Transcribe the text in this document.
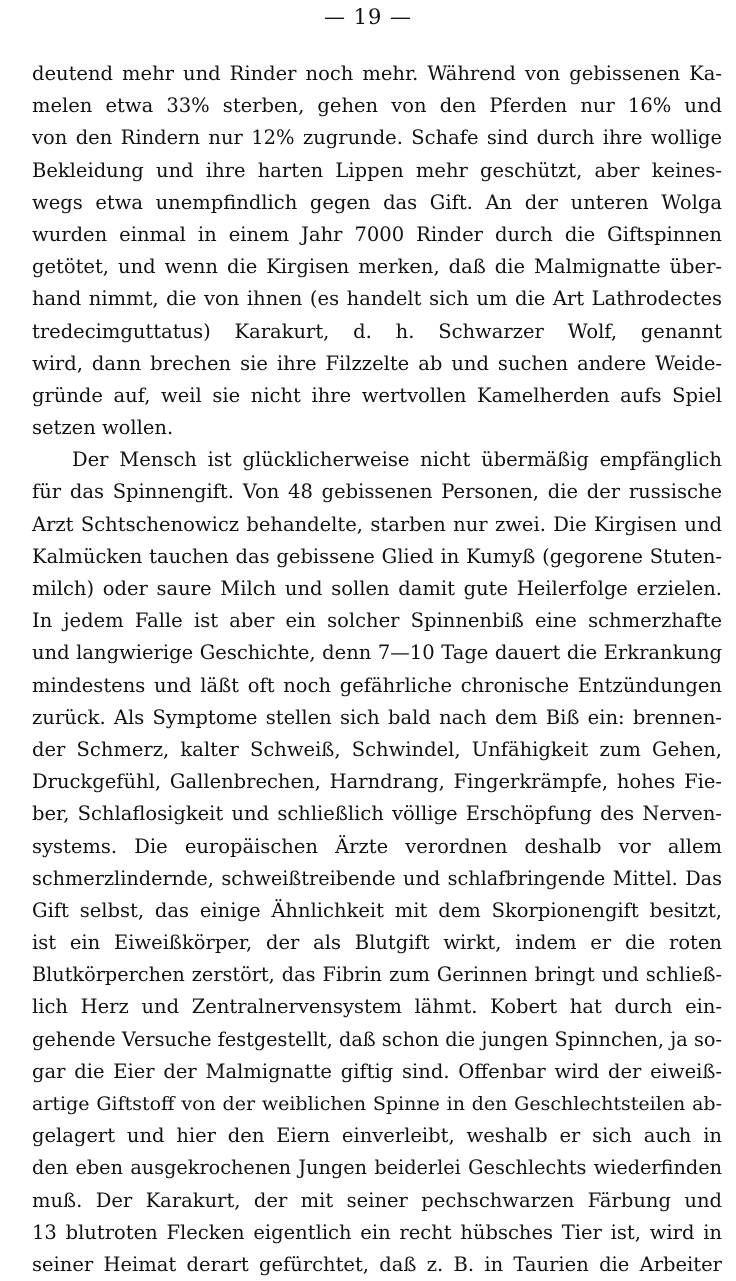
— 19 —
deutend mehr und Rinder noch mehr. Während von gebissenen Ka-
melen etwa 33% sterben, gehen von den Pferden nur 16% und
von den Rindern nur 12% zugrunde. Schafe sind durch ihre wollige
Bekleidung und ihre harten Lippen mehr geschützt, aber keines-
wegs etwa unempfindlich gegen das Gift. An der unteren Wolga
wurden einmal in einem Jahr 7000 Rinder durch die Giftspinnen
getötet, und wenn die Kirgisen merken, daß die Malmignatte über-
hand nimmt, die von ihnen (es handelt sich um die Art Lathrodectes
tredecimguttatus) Karakurt, d. h. Schwarzer Wolf, genannt
wird, dann brechen sie ihre Filzzelte ab und suchen andere Weide-
gründe auf, weil sie nicht ihre wertvollen Kamelherden aufs Spiel
setzen wollen.
Der Mensch ist glücklicherweise nicht übermäßig empfänglich
für das Spinnengift. Von 48 gebissenen Personen, die der russische
Arzt Schtschenowicz behandelte, starben nur zwei. Die Kirgisen und
Kalmücken tauchen das gebissene Glied in Kumyß (gegorene Stuten-
milch) oder saure Milch und sollen damit gute Heilerfolge erzielen.
In jedem Falle ist aber ein solcher Spinnenbiß eine schmerzhafte
und langwierige Geschichte, denn 7—10 Tage dauert die Erkrankung
mindestens und läßt oft noch gefährliche chronische Entzündungen
zurück. Als Symptome stellen sich bald nach dem Biß ein: brennen-
der Schmerz, kalter Schweiß, Schwindel, Unfähigkeit zum Gehen,
Druckgefühl, Gallenbrechen, Harndrang, Fingerkrämpfe, hohes Fie-
ber, Schlaflosigkeit und schließlich völlige Erschöpfung des Nerven-
systems. Die europäischen Ärzte verordnen deshalb vor allem
schmerzlindernde, schweißtreibende und schlafbringende Mittel. Das
Gift selbst, das einige Ähnlichkeit mit dem Skorpionengift besitzt,
ist ein Eiweißkörper, der als Blutgift wirkt, indem er die roten
Blutkörperchen zerstört, das Fibrin zum Gerinnen bringt und schließ-
lich Herz und Zentralnervensystem lähmt. Kobert hat durch ein-
gehende Versuche festgestellt, daß schon die jungen Spinnchen, ja so-
gar die Eier der Malmignatte giftig sind. Offenbar wird der eiweiß-
artige Giftstoff von der weiblichen Spinne in den Geschlechtsteilen ab-
gelagert und hier den Eiern einverleibt, weshalb er sich auch in
den eben ausgekrochenen Jungen beiderlei Geschlechts wiederfinden
muß. Der Karakurt, der mit seiner pechschwarzen Färbung und
13 blutroten Flecken eigentlich ein recht hübsches Tier ist, wird in
seiner Heimat derart gefürchtet, daß z. B. in Taurien die Arbeiter
